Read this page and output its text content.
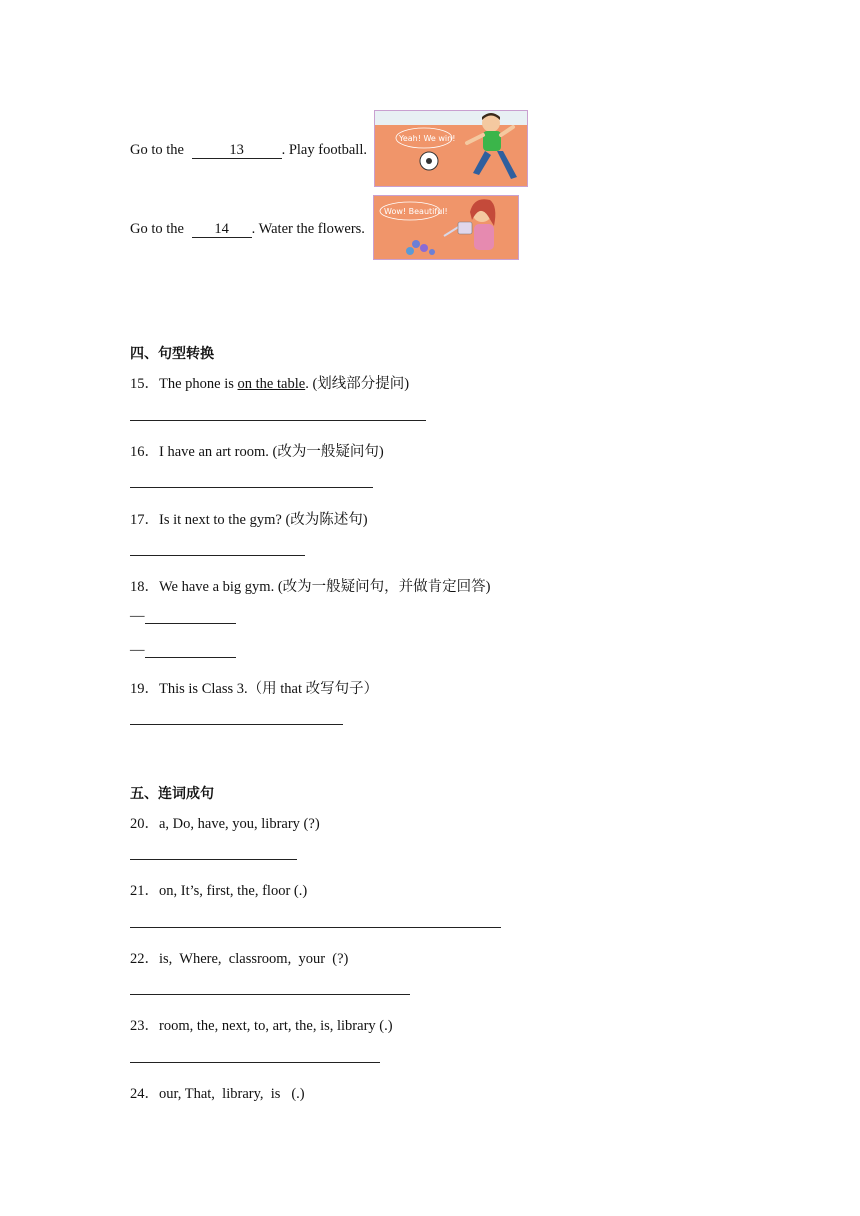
Go to the	13	. Play football.
Yeah! We win!
Go to the 14 . Water the flowers.
Wow! Beautiful!
四、句型转换
15．The phone is on the table. (划线部分提问)
16．I have an art room. (改为一般疑问句)
17．Is it next to the gym? (改为陈述句)
18．We have a big gym. (改为一般疑问句，并做肯定回答)
—
—
19．This is Class 3.（用 that 改写句子）
五、连词成句
20．a, Do, have, you, library (?)
21．on, It’s, first, the, floor (.)
22．is,  Where,  classroom,  your  (?)
23．room, the, next, to, art, the, is, library (.)
24．our, That,  library,  is   (.)
